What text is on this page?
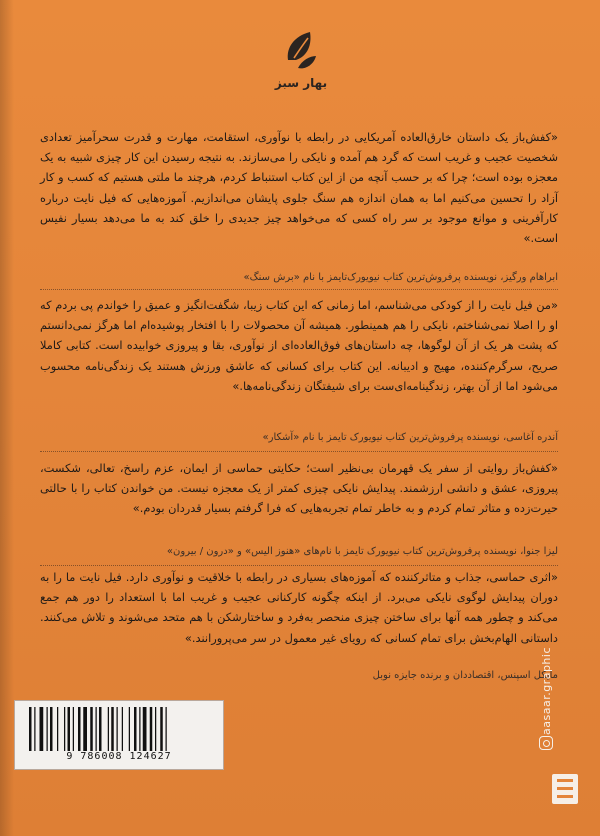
بهار سبز
«کفش‌باز یک داستان خارق‌العاده آمریکایی در رابطه با نوآوری، استقامت، مهارت و قدرت سحرآمیز تعدادی شخصیت عجیب و غریب است که گرد هم آمده و نایکی را می‌سازند. به نتیجه رسیدن این کار چیزی شبیه به یک معجزه بوده است؛ چرا که بر حسب آنچه من از این کتاب استنباط کردم، هرچند ما ملتی هستیم که کسب و کار آزاد را تحسین می‌کنیم اما به همان اندازه هم سنگ جلوی پایشان می‌اندازیم. آموزه‌هایی که فیل نایت درباره کارآفرینی و موانع موجود بر سر راه کسی که می‌خواهد چیز جدیدی را خلق کند به ما می‌دهد بسیار نفیس است.»
ابراهام ورگیز، نویسنده پرفروش‌ترین کتاب نیویورک‌تایمز با نام «برش سنگ»
«من فیل نایت را از کودکی می‌شناسم، اما زمانی که این کتاب زیبا، شگفت‌انگیز و عمیق را خواندم پی بردم که او را اصلا نمی‌شناختم، نایکی را هم همینطور. همیشه آن محصولات را با افتخار پوشیده‌ام اما هرگز نمی‌دانستم که پشت هر یک از آن لوگوها، چه داستان‌های فوق‌العاده‌ای از نوآوری، بقا و پیروزی خوابیده است. کتابی کاملا صریح، سرگرم‌کننده، مهیج و ادیبانه. این کتاب برای کسانی که عاشق ورزش هستند یک زندگی‌نامه محسوب می‌شود اما از آن بهتر، زندگینامه‌ای‌ست برای شیفتگان زندگی‌نامه‌ها.»
آندره آغاسی، نویسنده پرفروش‌ترین کتاب نیویورک تایمز با نام «آشکار»
«کفش‌باز روایتی از سفر یک قهرمان بی‌نظیر است؛ حکایتی حماسی از ایمان، عزم راسخ، تعالی، شکست، پیروزی، عشق و دانشی ارزشمند. پیدایش نایکی چیزی کمتر از یک معجزه نیست. من خواندن کتاب را با حالتی حیرت‌زده و متاثر تمام کردم و به خاطر تمام تجربه‌هایی که فرا گرفتم بسیار قدردان بودم.»
لیزا جنوا، نویسنده پرفروش‌ترین کتاب نیویورک تایمز با نام‌های «هنوز الیس» و «درون / بیرون»
«اثری حماسی، جذاب و متاثرکننده که آموزه‌های بسیاری در رابطه با خلاقیت و نوآوری دارد. فیل نایت ما را به دوران پیدایش لوگوی نایکی می‌برد. از اینکه چگونه کارکنانی عجیب و غریب اما با استعداد را دور هم جمع می‌کند و چطور همه آنها برای ساختن چیزی منحصر به‌فرد و ساختارشکن با هم متحد می‌شوند و تلاش می‌کنند. داستانی الهام‌بخش برای تمام کسانی که رویای غیر معمول در سر می‌پرورانند.»
مایکل اسپنس، اقتصاددان و برنده جایزه نوبل
9 786008 124627
aasaar.graphic
